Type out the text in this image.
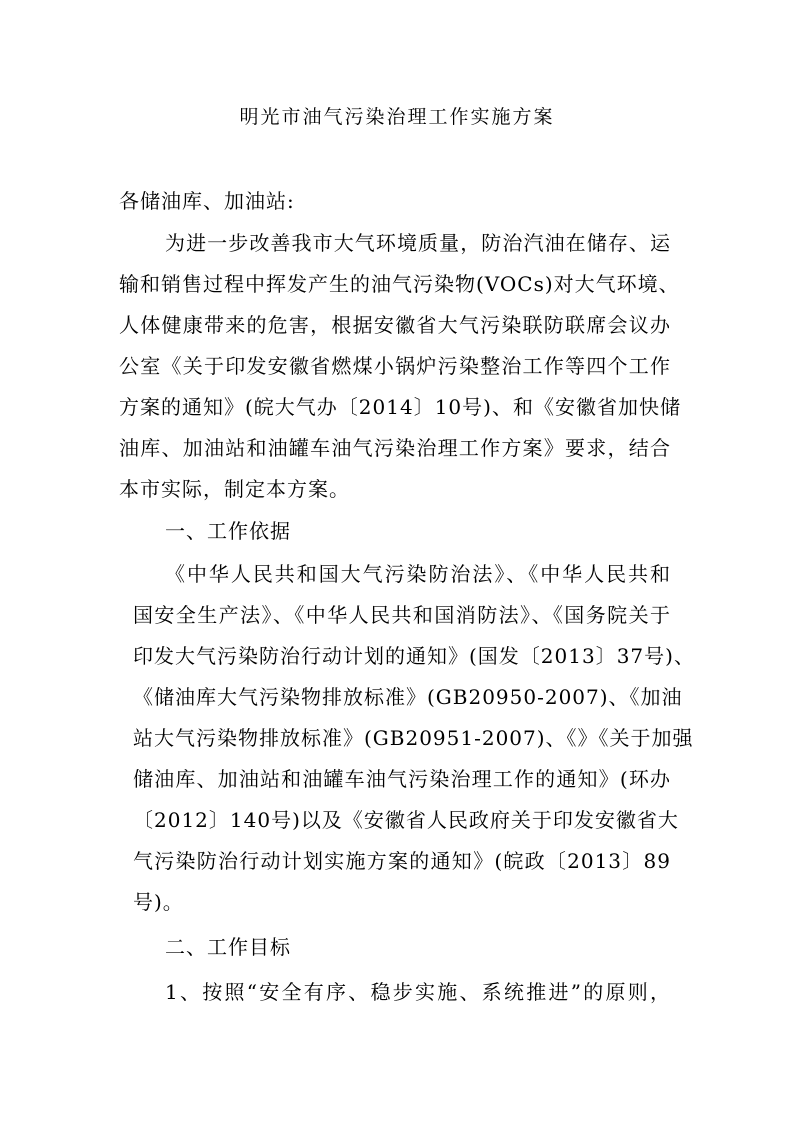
明光市油气污染治理工作实施方案
各储油库、加油站:
为进一步改善我市大气环境质量，防治汽油在储存、运
输和销售过程中挥发产生的油气污染物(VOCs)对大气环境、
人体健康带来的危害，根据安徽省大气污染联防联席会议办
公室《关于印发安徽省燃煤小锅炉污染整治工作等四个工作
方案的通知》(皖大气办〔2014〕10号)、和《安徽省加快储
油库、加油站和油罐车油气污染治理工作方案》要求，结合
本市实际，制定本方案。
一、工作依据
《中华人民共和国大气污染防治法》、《中华人民共和
国安全生产法》、《中华人民共和国消防法》、《国务院关于
印发大气污染防治行动计划的通知》(国发〔2013〕37号)、
《储油库大气污染物排放标准》(GB20950-2007)、《加油
站大气污染物排放标准》(GB20951-2007)、《》《关于加强
储油库、加油站和油罐车油气污染治理工作的通知》(环办
〔2012〕140号)以及《安徽省人民政府关于印发安徽省大
气污染防治行动计划实施方案的通知》(皖政〔2013〕89
号)。
二、工作目标
1、按照“安全有序、稳步实施、系统推进”的原则，
